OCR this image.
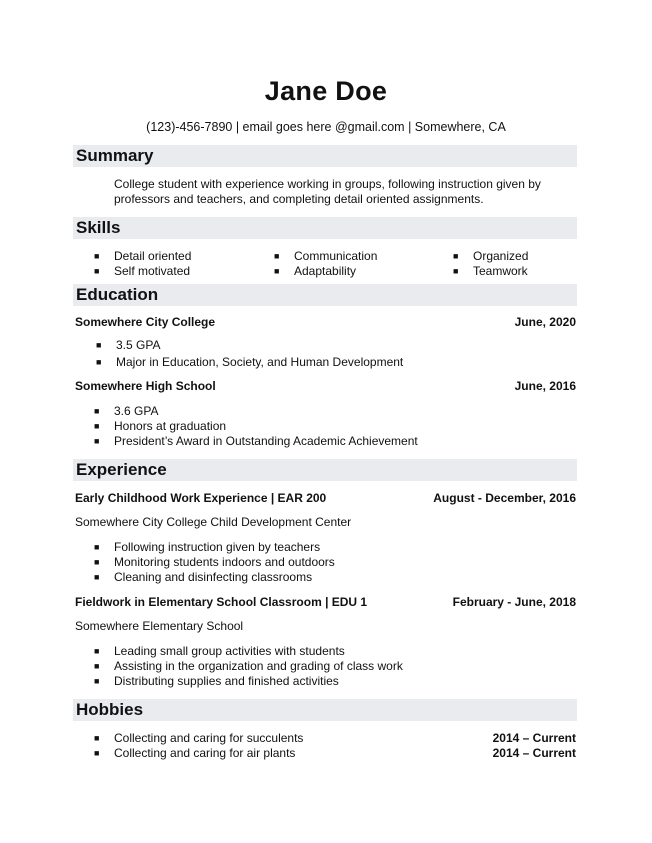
Jane Doe
(123)-456-7890 | email goes here @gmail.com | Somewhere, CA
Summary
College student with experience working in groups, following instruction given by professors and teachers, and completing detail oriented assignments.
Skills
■ Detail oriented
■ Self motivated
■ Communication
■ Adaptability
■ Organized
■ Teamwork
Education
Somewhere City College	June, 2020
■ 3.5 GPA
■ Major in Education, Society, and Human Development
Somewhere High School	June, 2016
■ 3.6 GPA
■ Honors at graduation
■ President’s Award in Outstanding Academic Achievement
Experience
Early Childhood Work Experience | EAR 200	August - December, 2016
Somewhere City College Child Development Center
■ Following instruction given by teachers
■ Monitoring students indoors and outdoors
■ Cleaning and disinfecting classrooms
Fieldwork in Elementary School Classroom | EDU 1	February - June, 2018
Somewhere Elementary School
■ Leading small group activities with students
■ Assisting in the organization and grading of class work
■ Distributing supplies and finished activities
Hobbies
■ Collecting and caring for succulents	2014 – Current
■ Collecting and caring for air plants	2014 – Current
